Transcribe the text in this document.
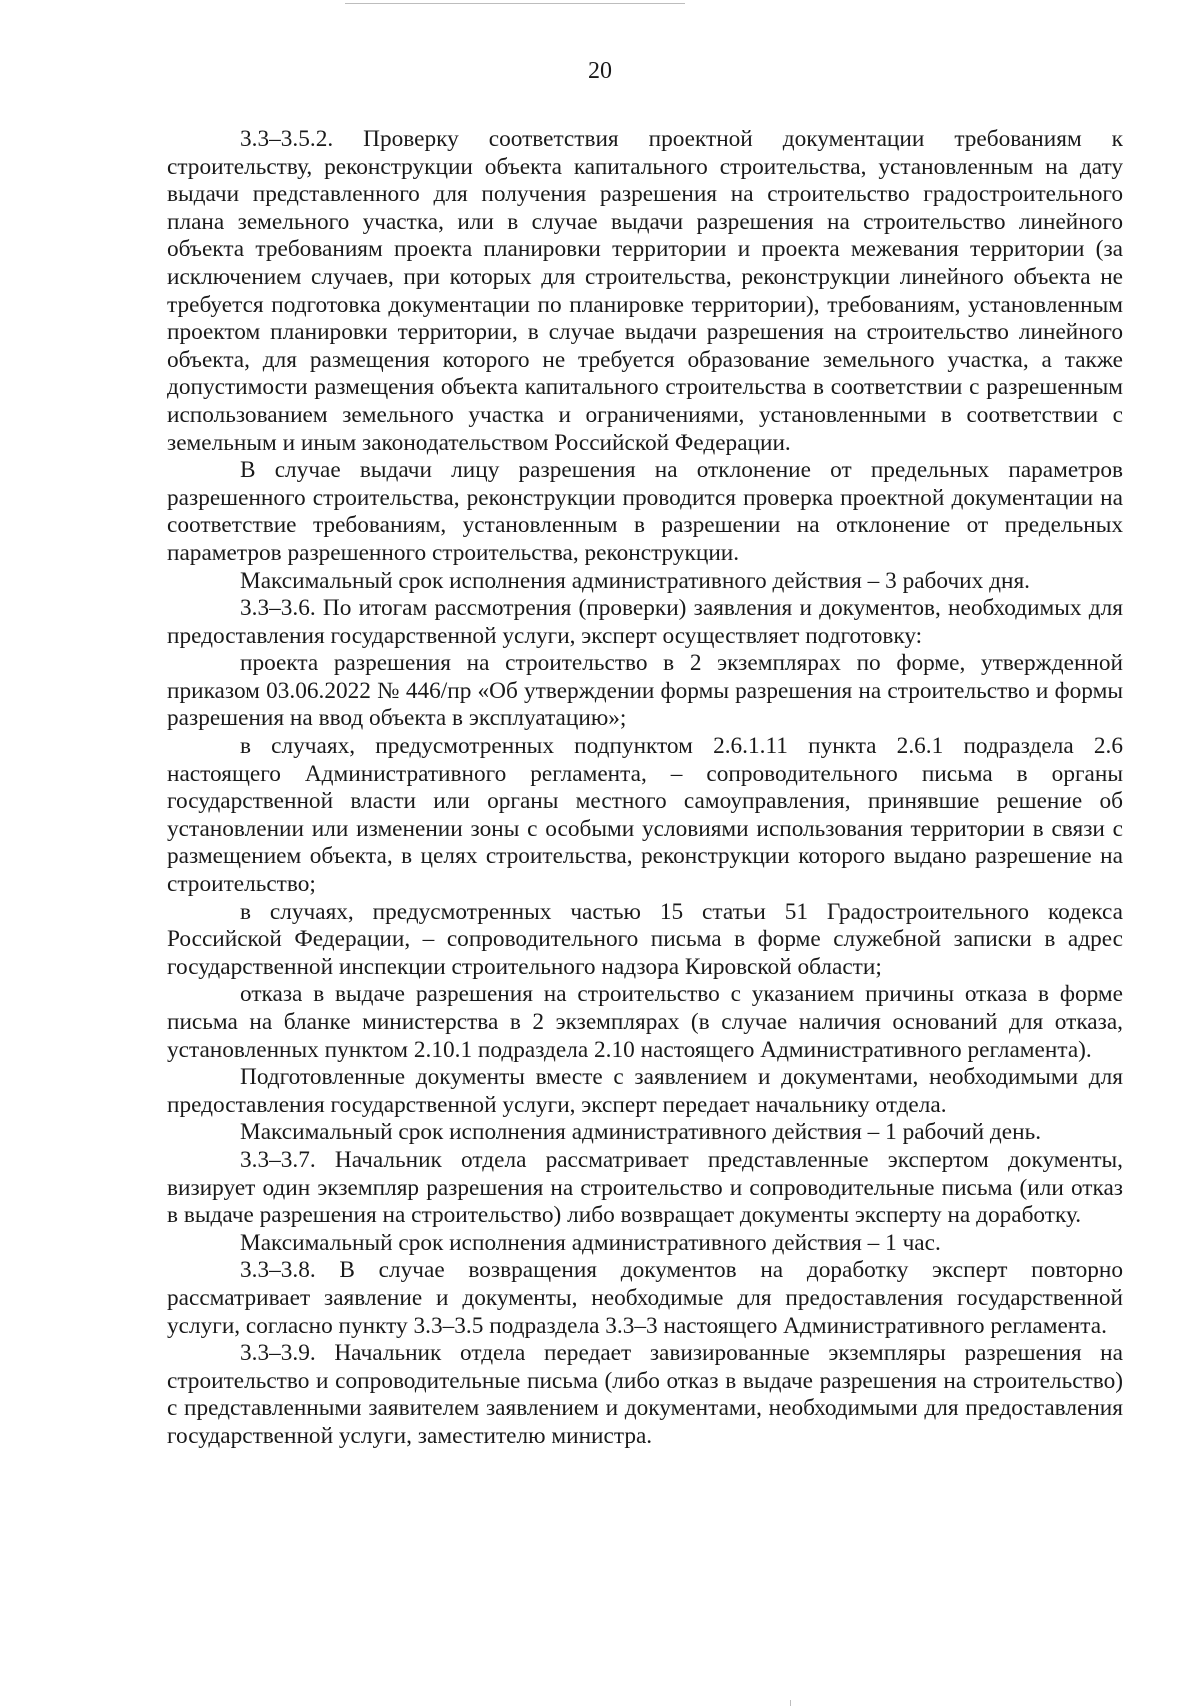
20

3.3–3.5.2. Проверку соответствия проектной документации требованиям к строительству, реконструкции объекта капитального строительства, установленным на дату выдачи представленного для получения разрешения на строительство градостроительного плана земельного участка, или в случае выдачи разрешения на строительство линейного объекта требованиям проекта планировки территории и проекта межевания территории (за исключением случаев, при которых для строительства, реконструкции линейного объекта не требуется подготовка документации по планировке территории), требованиям, установленным проектом планировки территории, в случае выдачи разрешения на строительство линейного объекта, для размещения которого не требуется образование земельного участка, а также допустимости размещения объекта капитального строительства в соответствии с разрешенным использованием земельного участка и ограничениями, установленными в соответствии с земельным и иным законодательством Российской Федерации.

В случае выдачи лицу разрешения на отклонение от предельных параметров разрешенного строительства, реконструкции проводится проверка проектной документации на соответствие требованиям, установленным в разрешении на отклонение от предельных параметров разрешенного строительства, реконструкции.

Максимальный срок исполнения административного действия – 3 рабочих дня.

3.3–3.6. По итогам рассмотрения (проверки) заявления и документов, необходимых для предоставления государственной услуги, эксперт осуществляет подготовку:

проекта разрешения на строительство в 2 экземплярах по форме, утвержденной приказом 03.06.2022 № 446/пр «Об утверждении формы разрешения на строительство и формы разрешения на ввод объекта в эксплуатацию»;

в случаях, предусмотренных подпунктом 2.6.1.11 пункта 2.6.1 подраздела 2.6 настоящего Административного регламента, – сопроводительного письма в органы государственной власти или органы местного самоуправления, принявшие решение об установлении или изменении зоны с особыми условиями использования территории в связи с размещением объекта, в целях строительства, реконструкции которого выдано разрешение на строительство;

в случаях, предусмотренных частью 15 статьи 51 Градостроительного кодекса Российской Федерации, – сопроводительного письма в форме служебной записки в адрес государственной инспекции строительного надзора Кировской области;

отказа в выдаче разрешения на строительство с указанием причины отказа в форме письма на бланке министерства в 2 экземплярах (в случае наличия оснований для отказа, установленных пунктом 2.10.1 подраздела 2.10 настоящего Административного регламента).

Подготовленные документы вместе с заявлением и документами, необходимыми для предоставления государственной услуги, эксперт передает начальнику отдела.

Максимальный срок исполнения административного действия – 1 рабочий день.

3.3–3.7. Начальник отдела рассматривает представленные экспертом документы, визирует один экземпляр разрешения на строительство и сопроводительные письма (или отказ в выдаче разрешения на строительство) либо возвращает документы эксперту на доработку.

Максимальный срок исполнения административного действия – 1 час.

3.3–3.8. В случае возвращения документов на доработку эксперт повторно рассматривает заявление и документы, необходимые для предоставления государственной услуги, согласно пункту 3.3–3.5 подраздела 3.3–3 настоящего Административного регламента.

3.3–3.9. Начальник отдела передает завизированные экземпляры разрешения на строительство и сопроводительные письма (либо отказ в выдаче разрешения на строительство) с представленными заявителем заявлением и документами, необходимыми для предоставления государственной услуги, заместителю министра.
